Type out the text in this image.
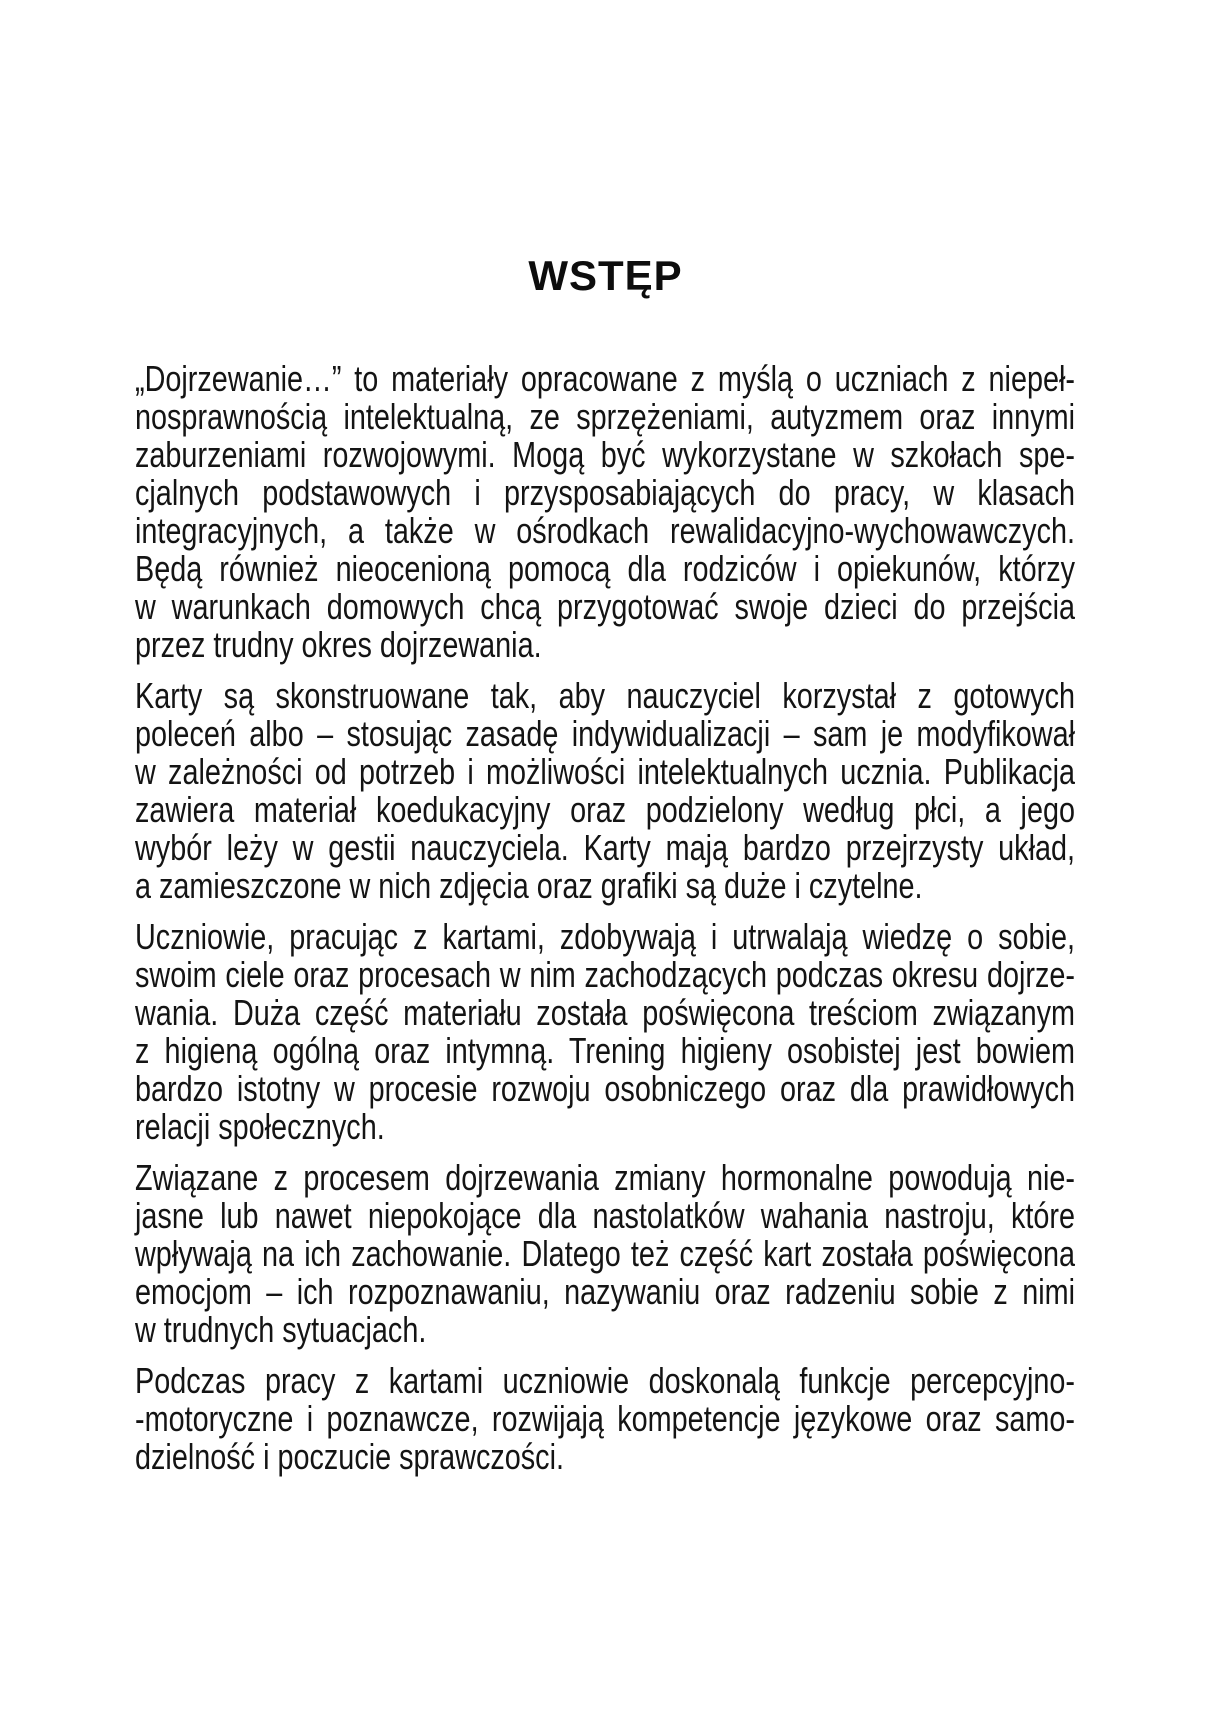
WSTĘP

„Dojrzewanie…” to materiały opracowane z myślą o uczniach z niepeł-
nosprawnością intelektualną, ze sprzężeniami, autyzmem oraz innymi
zaburzeniami rozwojowymi. Mogą być wykorzystane w szkołach spe-
cjalnych podstawowych i przysposabiających do pracy, w klasach
integracyjnych, a także w ośrodkach rewalidacyjno-wychowawczych.
Będą również nieocenioną pomocą dla rodziców i opiekunów, którzy
w warunkach domowych chcą przygotować swoje dzieci do przejścia
przez trudny okres dojrzewania.

Karty są skonstruowane tak, aby nauczyciel korzystał z gotowych
poleceń albo – stosując zasadę indywidualizacji – sam je modyfikował
w zależności od potrzeb i możliwości intelektualnych ucznia. Publikacja
zawiera materiał koedukacyjny oraz podzielony według płci, a jego
wybór leży w gestii nauczyciela. Karty mają bardzo przejrzysty układ,
a zamieszczone w nich zdjęcia oraz grafiki są duże i czytelne.

Uczniowie, pracując z kartami, zdobywają i utrwalają wiedzę o sobie,
swoim ciele oraz procesach w nim zachodzących podczas okresu dojrze-
wania. Duża część materiału została poświęcona treściom związanym
z higieną ogólną oraz intymną. Trening higieny osobistej jest bowiem
bardzo istotny w procesie rozwoju osobniczego oraz dla prawidłowych
relacji społecznych.

Związane z procesem dojrzewania zmiany hormonalne powodują nie-
jasne lub nawet niepokojące dla nastolatków wahania nastroju, które
wpływają na ich zachowanie. Dlatego też część kart została poświęcona
emocjom – ich rozpoznawaniu, nazywaniu oraz radzeniu sobie z nimi
w trudnych sytuacjach.

Podczas pracy z kartami uczniowie doskonalą funkcje percepcyjno-
-motoryczne i poznawcze, rozwijają kompetencje językowe oraz samo-
dzielność i poczucie sprawczości.
